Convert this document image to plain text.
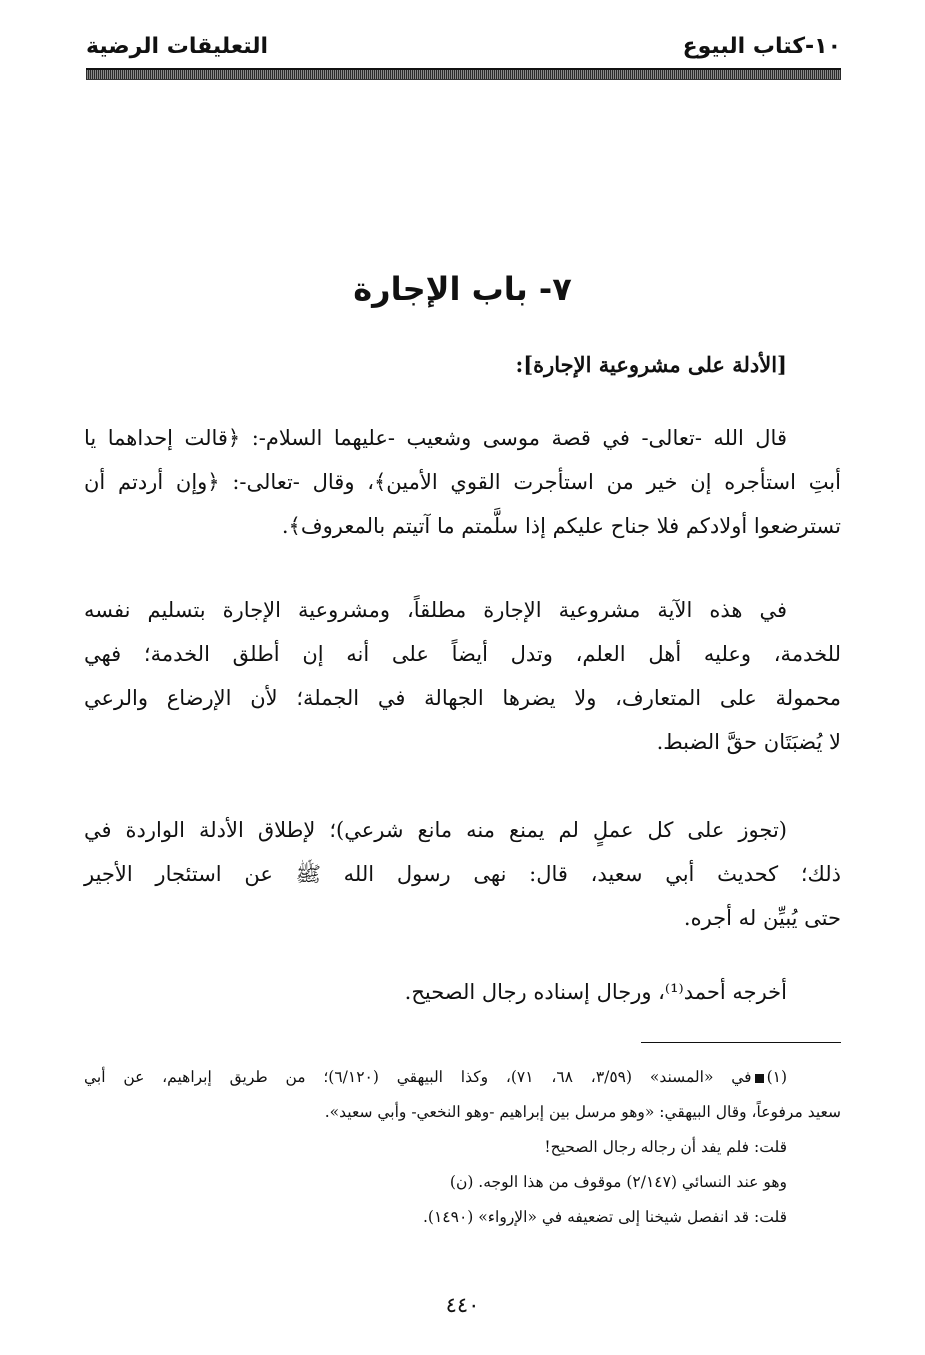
١٠-كتاب البيوع
التعليقات الرضية
٧- باب الإجارة
[الأدلة على مشروعية الإجارة]:
قال الله -تعالى- في قصة موسى وشعيب -عليهما السلام-: ﴿قالت إحداهما يا
أبتِ استأجره إن خير من استأجرت القوي الأمين﴾، وقال -تعالى-: ﴿وإن أردتم أن
تسترضعوا أولادكم فلا جناح عليكم إذا سلَّمتم ما آتيتم بالمعروف﴾.
في هذه الآية مشروعية الإجارة مطلقاً، ومشروعية الإجارة بتسليم نفسه
للخدمة، وعليه أهل العلم، وتدل أيضاً على أنه إن أطلق الخدمة؛ فهي
محمولة على المتعارف، ولا يضرها الجهالة في الجملة؛ لأن الإرضاع والرعي
لا يُضبَتَان حقَّ الضبط.
(تجوز على كل عملٍ لم يمنع منه مانع شرعي)؛ لإطلاق الأدلة الواردة في
ذلك؛ كحديث أبي سعيد، قال: نهى رسول الله ﷺ عن استئجار الأجير
حتى يُبيِّن له أجره.
أخرجه أحمد⁽¹⁾، ورجال إسناده رجال الصحيح.
(١)في «المسند» (٣/٥٩، ٦٨، ٧١)، وكذا البيهقي (٦/١٢٠)؛ من طريق إبراهيم، عن أبي
سعيد مرفوعاً، وقال البيهقي: «وهو مرسل بين إبراهيم -وهو النخعي- وأبي سعيد».
قلت: فلم يفد أن رجاله رجال الصحيح!
وهو عند النسائي (٢/١٤٧) موقوف من هذا الوجه. (ن)
قلت: قد انفصل شيخنا إلى تضعيفه في «الإرواء» (١٤٩٠).
٤٤٠
